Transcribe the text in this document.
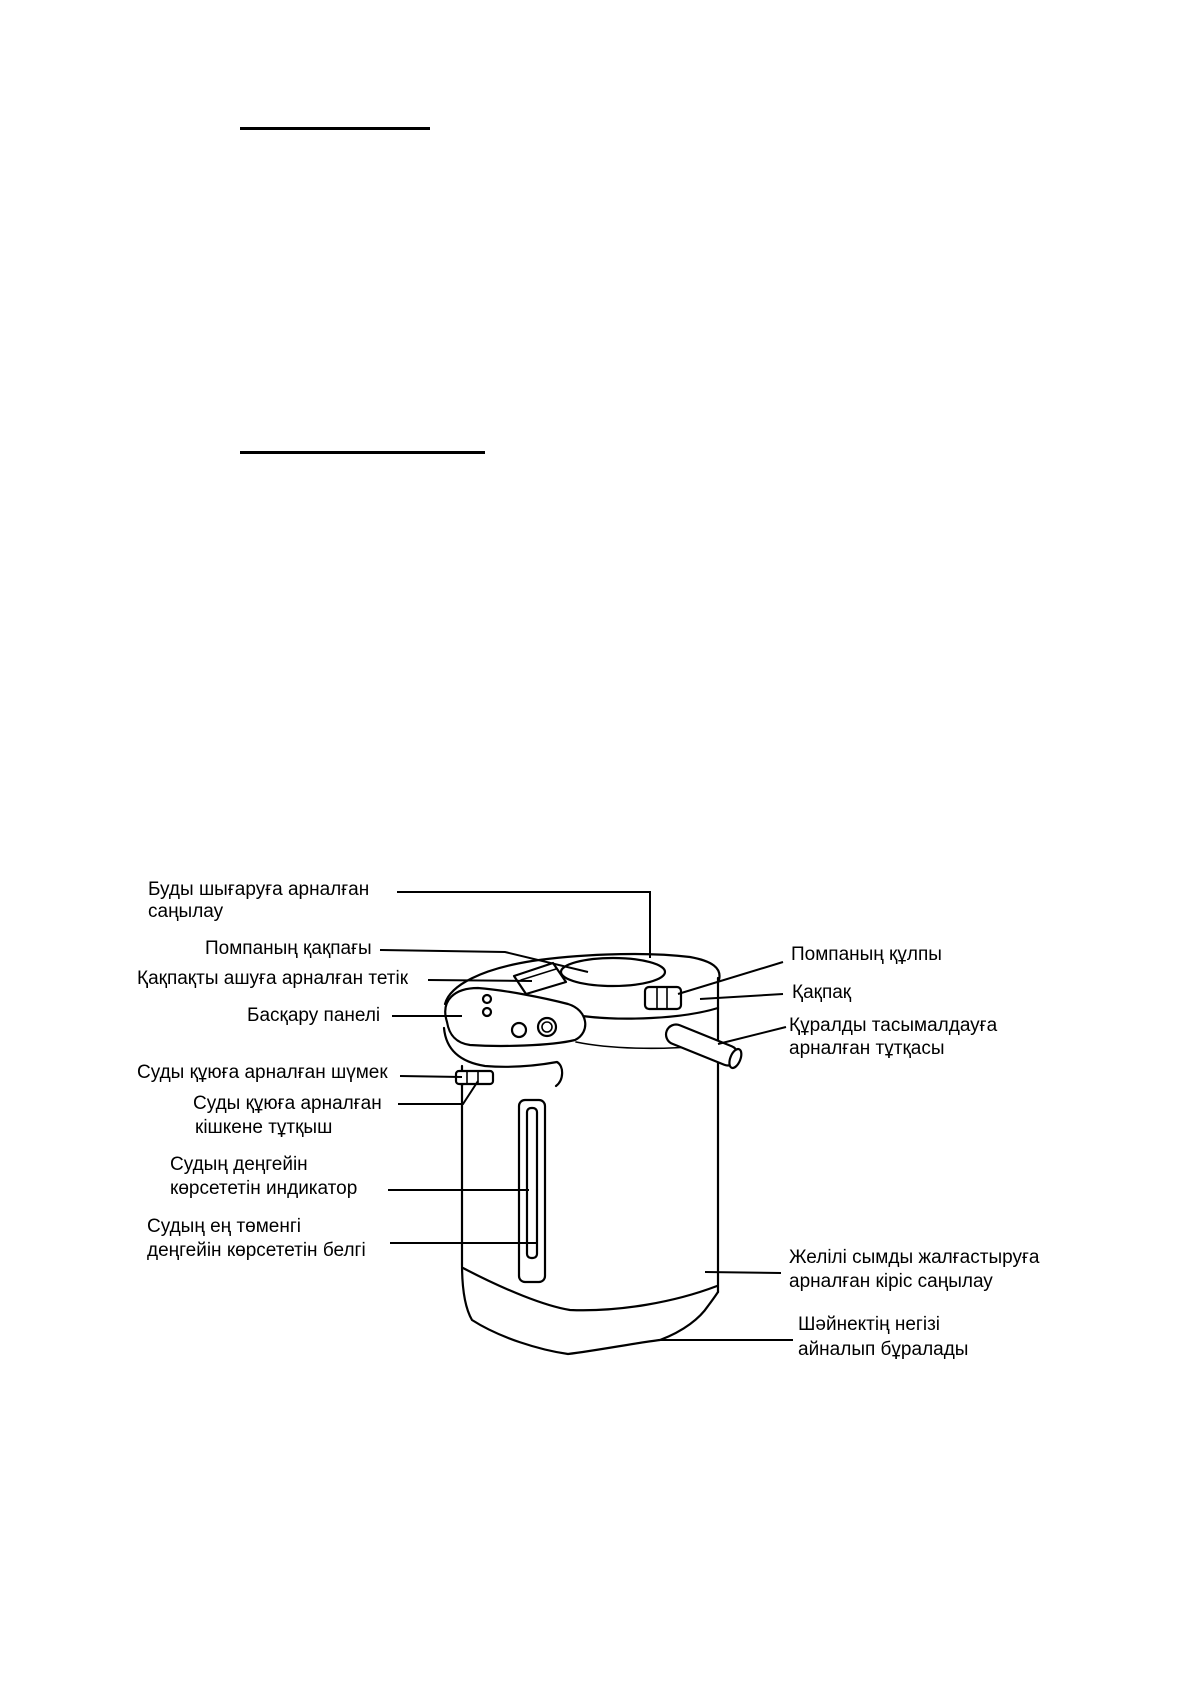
Буды шығаруға арналған
саңылау
Помпаның қақпағы
Қақпақты ашуға арналған тетік
Басқару панелі
Суды құюға арналған шүмек
Суды құюға арналған
кішкене тұтқыш
Судың деңгейін
көрсететін индикатор
Судың ең төменгі
деңгейін көрсететін белгі
Помпаның құлпы
Қақпақ
Құралды тасымалдауға
арналған тұтқасы
Желілі сымды жалғастыруға
арналған кіріс саңылау
Шәйнектің негізі
айналып бұралады
